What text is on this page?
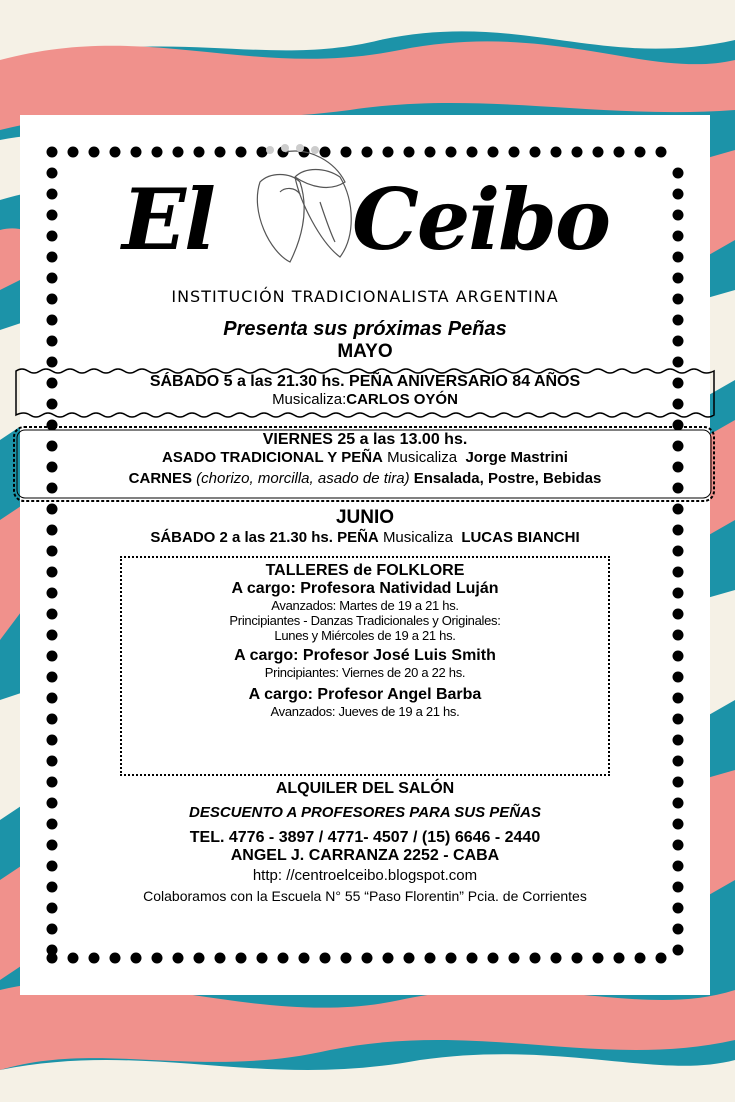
El Ceibo
INSTITUCIÓN TRADICIONALISTA ARGENTINA
Presenta sus próximas Peñas
MAYO
SÁBADO 5 a las 21.30 hs. PEÑA ANIVERSARIO 84 AÑOS
Musicaliza:CARLOS OYÓN
VIERNES 25 a las 13.00 hs.
ASADO TRADICIONAL Y PEÑA Musicaliza Jorge Mastrini
CARNES (chorizo, morcilla, asado de tira) Ensalada, Postre, Bebidas
JUNIO
SÁBADO 2 a las 21.30 hs. PEÑA Musicaliza LUCAS BIANCHI
TALLERES de FOLKLORE
A cargo: Profesora Natividad Luján
Avanzados: Martes de 19 a 21 hs.
Principiantes - Danzas Tradicionales y Originales:
Lunes y Miércoles de 19 a 21 hs.
A cargo: Profesor José Luis Smith
Principiantes: Viernes de 20 a 22 hs.
A cargo: Profesor Angel Barba
Avanzados: Jueves de 19 a 21 hs.
ALQUILER DEL SALÓN
DESCUENTO A PROFESORES PARA SUS PEÑAS
TEL. 4776 - 3897 / 4771- 4507 / (15) 6646 - 2440
ANGEL J. CARRANZA 2252 - CABA
http: //centroelceibo.blogspot.com
Colaboramos con la Escuela N° 55 “Paso Florentin” Pcia. de Corrientes
